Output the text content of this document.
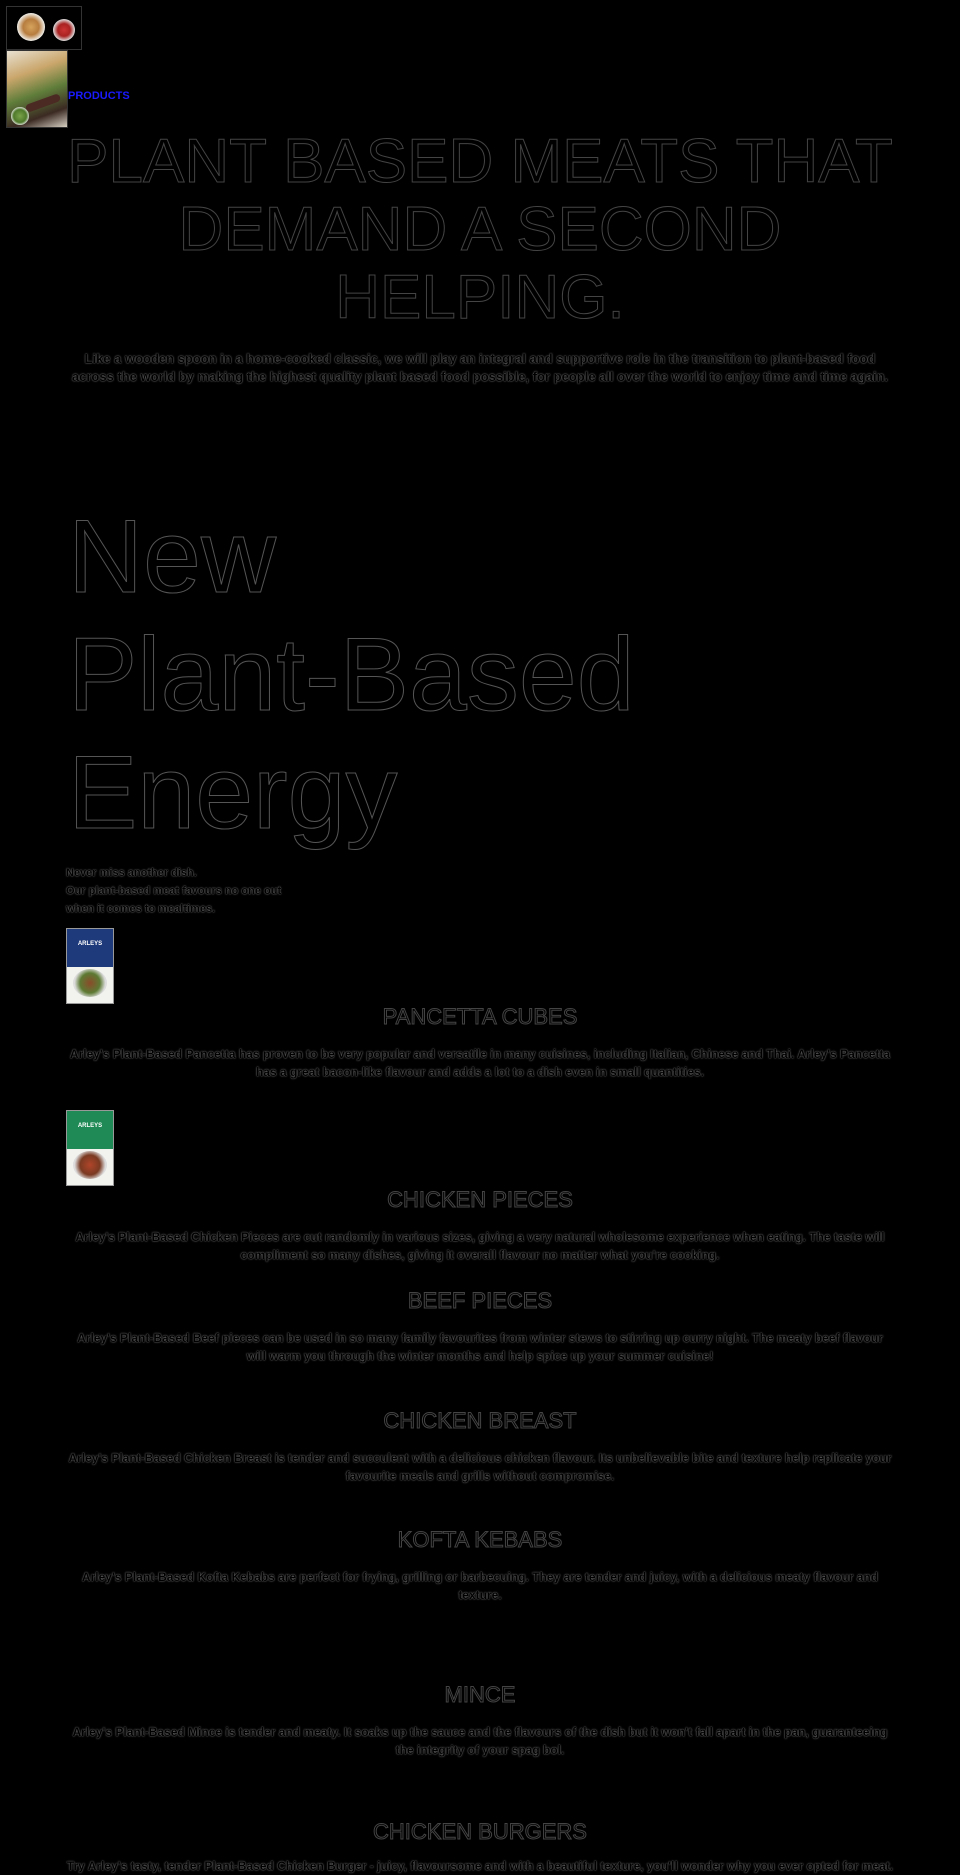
PRODUCTS
PLANT BASED MEATS THAT DEMAND A SECOND HELPING.

Like a wooden spoon in a home-cooked classic, we will play an integral and supportive role in the transition to plant-based food across the world by making the highest quality plant based food possible, for people all over the world to enjoy time and time again.

New
Plant-Based
Energy
Never miss another dish.
Our plant-based meat favours no one out
when it comes to mealtimes.
ARLEYS
PANCETTA CUBES

Arley's Plant-Based Pancetta has proven to be very popular and versatile in many cuisines, including Italian, Chinese and Thai. Arley's Pancetta has a great bacon-like flavour and adds a lot to a dish even in small quantities.

ARLEYS
CHICKEN PIECES

Arley's Plant-Based Chicken Pieces are cut randomly in various sizes, giving a very natural wholesome experience when eating. The taste will compliment so many dishes, giving it overall flavour no matter what you're cooking.

BEEF PIECES

Arley's Plant-Based Beef pieces can be used in so many family favourites from winter stews to stirring up curry night. The meaty beef flavour will warm you through the winter months and help spice up your summer cuisine!

CHICKEN BREAST

Arley's Plant-Based Chicken Breast is tender and succulent with a delicious chicken flavour. Its unbelievable bite and texture help replicate your favourite meals and grills without compromise.

KOFTA KEBABS

Arley's Plant-Based Kofta Kebabs are perfect for frying, grilling or barbecuing. They are tender and juicy, with a delicious meaty flavour and texture.

MINCE

Arley's Plant-Based Mince is tender and meaty. It soaks up the sauce and the flavours of the dish but it won't fall apart in the pan, guaranteeing the integrity of your spag bol.

CHICKEN BURGERS

Try Arley's tasty, tender Plant-Based Chicken Burger - juicy, flavoursome and with a beautiful texture, you'll wonder why you ever opted for meat.
